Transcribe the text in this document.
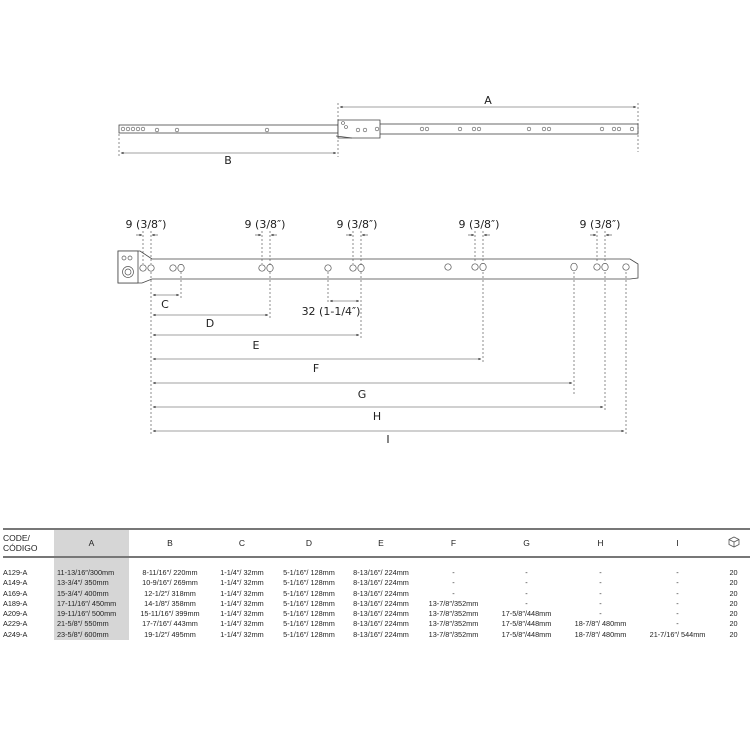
A
B
9 (3/8″)	9 (3/8″)	9 (3/8″)	9 (3/8″)	9 (3/8″)
C
32 (1-1/4″)
D
E
F
G
H
I
CODE/
CÓDIGO	A	B	C	D	E	F	G	H	I	

A129-A	11-13/16″/300mm	8-11/16″/ 220mm	1-1/4″/ 32mm	5-1/16″/ 128mm	8-13/16″/ 224mm	-	-	-	-	20
A149-A	13-3/4″/ 350mm	10-9/16″/ 269mm	1-1/4″/ 32mm	5-1/16″/ 128mm	8-13/16″/ 224mm	-	-	-	-	20
A169-A	15-3/4″/ 400mm	12-1/2″/ 318mm	1-1/4″/ 32mm	5-1/16″/ 128mm	8-13/16″/ 224mm	-	-	-	-	20
A189-A	17-11/16″/ 450mm	14-1/8″/ 358mm	1-1/4″/ 32mm	5-1/16″/ 128mm	8-13/16″/ 224mm	13-7/8″/352mm	-	-	-	20
A209-A	19-11/16″/ 500mm	15-11/16″/ 399mm	1-1/4″/ 32mm	5-1/16″/ 128mm	8-13/16″/ 224mm	13-7/8″/352mm	17-5/8″/448mm	-	-	20
A229-A	21-5/8″/ 550mm	17-7/16″/ 443mm	1-1/4″/ 32mm	5-1/16″/ 128mm	8-13/16″/ 224mm	13-7/8″/352mm	17-5/8″/448mm	18-7/8″/ 480mm	-	20
A249-A	23-5/8″/ 600mm	19-1/2″/ 495mm	1-1/4″/ 32mm	5-1/16″/ 128mm	8-13/16″/ 224mm	13-7/8″/352mm	17-5/8″/448mm	18-7/8″/ 480mm	21-7/16″/ 544mm	20
